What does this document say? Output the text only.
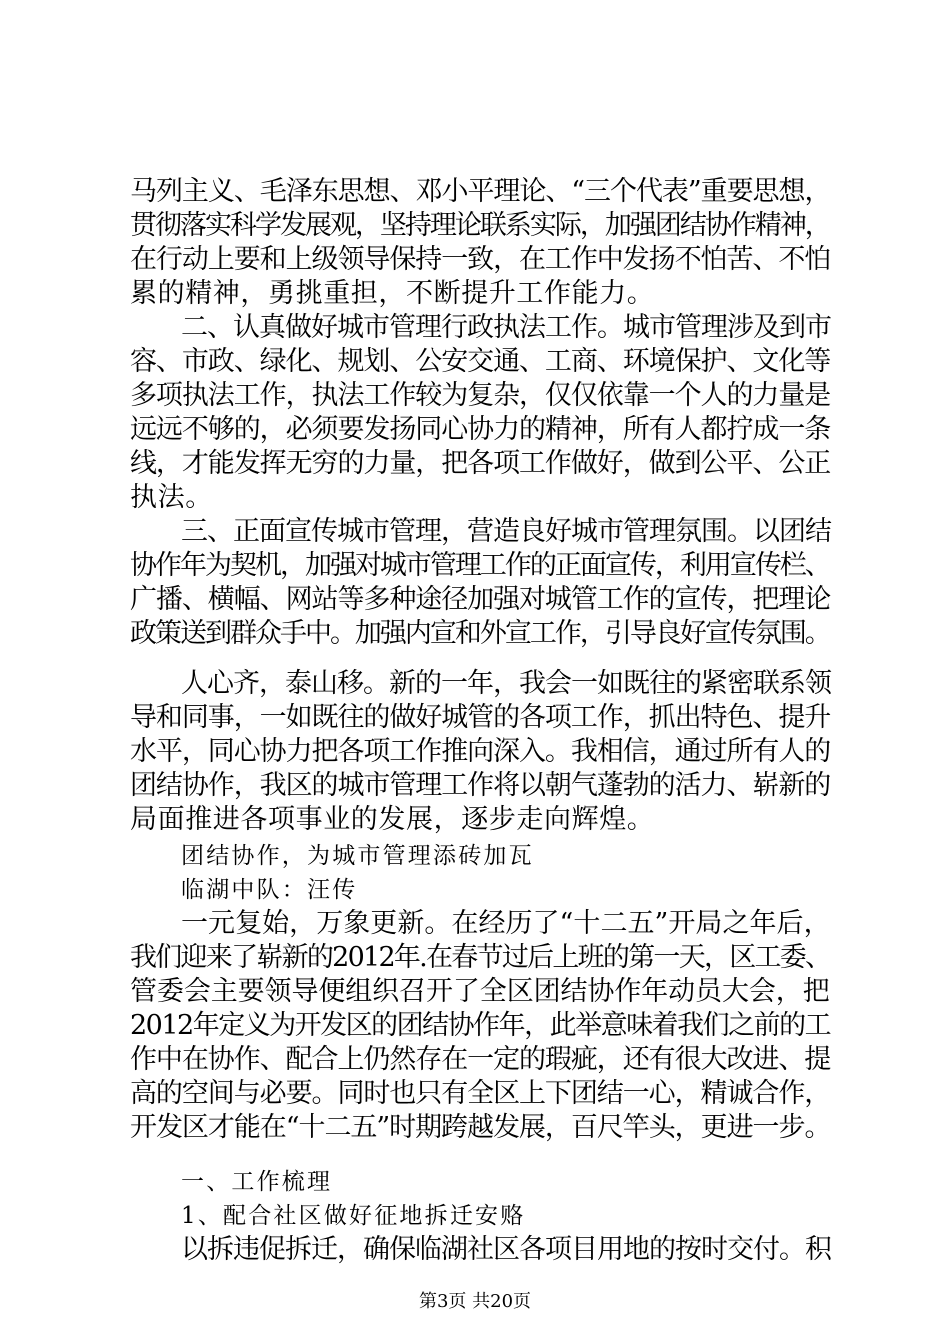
马列主义、毛泽东思想、邓小平理论、“三个代表”重要思想，
贯彻落实科学发展观，坚持理论联系实际，加强团结协作精神，
在行动上要和上级领导保持一致，在工作中发扬不怕苦、不怕
累的精神，勇挑重担，不断提升工作能力。
二、认真做好城市管理行政执法工作。城市管理涉及到市
容、市政、绿化、规划、公安交通、工商、环境保护、文化等
多项执法工作，执法工作较为复杂，仅仅依靠一个人的力量是
远远不够的，必须要发扬同心协力的精神，所有人都拧成一条
线，才能发挥无穷的力量，把各项工作做好，做到公平、公正
执法。
三、正面宣传城市管理，营造良好城市管理氛围。以团结
协作年为契机，加强对城市管理工作的正面宣传，利用宣传栏、
广播、横幅、网站等多种途径加强对城管工作的宣传，把理论
政策送到群众手中。加强内宣和外宣工作，引导良好宣传氛围。
人心齐，泰山移。新的一年，我会一如既往的紧密联系领
导和同事，一如既往的做好城管的各项工作，抓出特色、提升
水平，同心协力把各项工作推向深入。我相信，通过所有人的
团结协作，我区的城市管理工作将以朝气蓬勃的活力、崭新的
局面推进各项事业的发展，逐步走向辉煌。
团结协作，为城市管理添砖加瓦
临湖中队：汪传
一元复始，万象更新。在经历了“十二五”开局之年后，
我们迎来了崭新的2012年.在春节过后上班的第一天，区工委、
管委会主要领导便组织召开了全区团结协作年动员大会，把
2012年定义为开发区的团结协作年，此举意味着我们之前的工
作中在协作、配合上仍然存在一定的瑕疵，还有很大改进、提
高的空间与必要。同时也只有全区上下团结一心，精诚合作，
开发区才能在“十二五”时期跨越发展，百尺竿头，更进一步。
一、工作梳理
1、配合社区做好征地拆迁安赂
以拆违促拆迁，确保临湖社区各项目用地的按时交付。积
第3页 共20页
